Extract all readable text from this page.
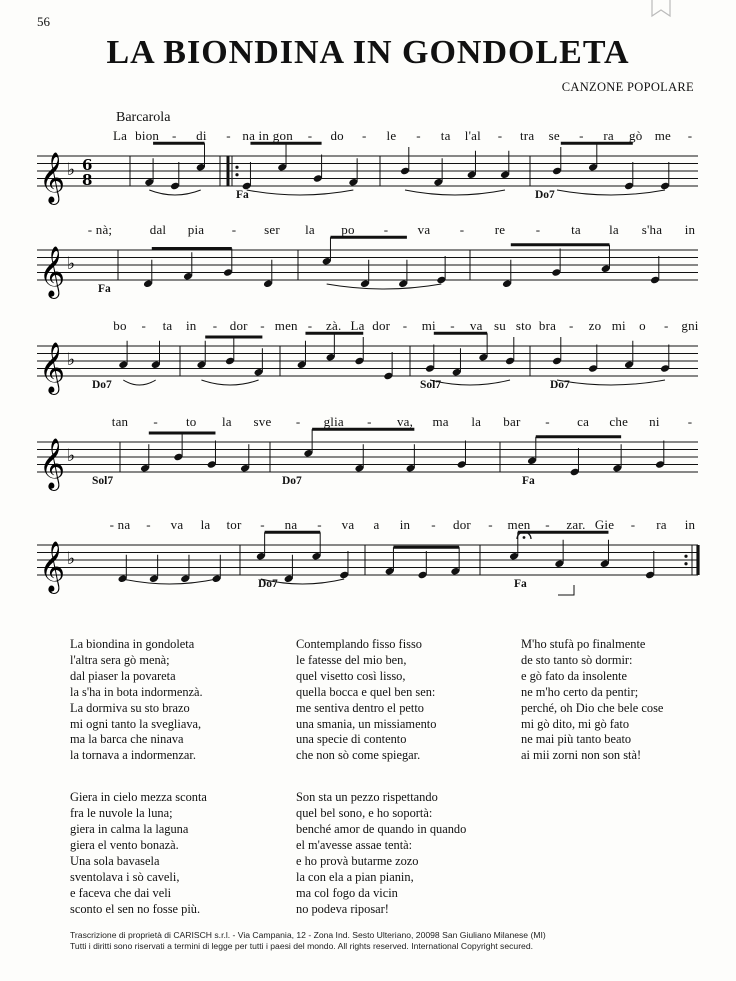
56
LA BIONDINA IN GONDOLETA
CANZONE POPOLARE
Barcarola
𝄞 ♭ 6
8
La bion - di - na in gon - do - le - ta l'al - tra se - ra gò me -
Fa	Do7
𝄞 ♭
- nà;	dal pia - ser la po - va - re - ta la s'ha in
Fa
𝄞 ♭
bo - ta in - dor - men - zà. La dor - mi - va su sto bra - zo mi o - gni
Do7	Sol7	Do7
𝄞 ♭
tan - to la sve - glia - va, ma la bar - ca che ni -
Sol7	Do7	Fa
𝄞 ♭
- na - va la tor - na - va a in - dor - men - zar. Gie - ra in
Do7	Fa
La biondina in gondoleta
l'altra sera gò menà;
dal piaser la povareta
la s'ha in bota indormenzà.
La dormiva su sto brazo
mi ogni tanto la svegliava,
ma la barca che ninava
la tornava a indormenzar.
Giera in cielo mezza sconta
fra le nuvole la luna;
giera in calma la laguna
giera el vento bonazà.
Una sola bavasela
sventolava i sò caveli,
e faceva che dai veli
sconto el sen no fosse più.
Contemplando fisso fisso
le fatesse del mio ben,
quel visetto così lisso,
quella bocca e quel ben sen:
me sentiva dentro el petto
una smania, un missiamento
una specie di contento
che non sò come spiegar.
Son sta un pezzo rispettando
quel bel sono, e ho soportà:
benché amor de quando in quando
el m'avesse assae tentà:
e ho provà butarme zozo
la con ela a pian pianin,
ma col fogo da vicin
no podeva riposar!
M'ho stufà po finalmente
de sto tanto sò dormir:
e gò fato da insolente
ne m'ho certo da pentir;
perché, oh Dio che bele cose
mi gò dito, mi gò fato
ne mai più tanto beato
ai mii zorni non son stà!
Trascrizione di proprietà di CARISCH s.r.l. - Via Campania, 12 - Zona Ind. Sesto Ulteriano, 20098 San Giuliano Milanese (MI)
Tutti i diritti sono riservati a termini di legge per tutti i paesi del mondo. All rights reserved. International Copyright secured.
